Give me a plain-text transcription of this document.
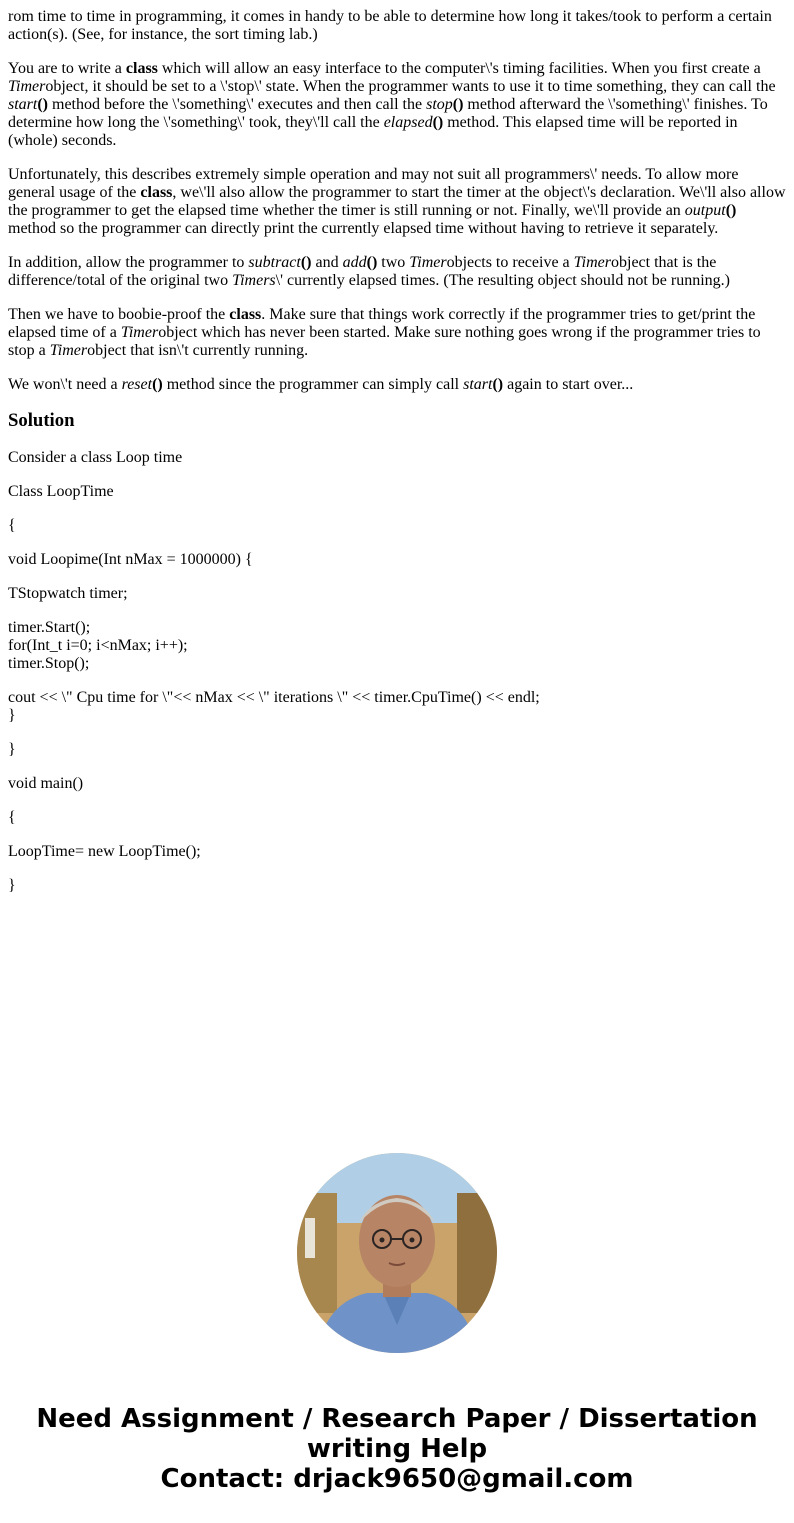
rom time to time in programming, it comes in handy to be able to determine how long it takes/took to perform a certain action(s). (See, for instance, the sort timing lab.)

You are to write a class which will allow an easy interface to the computer\'s timing facilities. When you first create a Timerobject, it should be set to a \'stop\' state. When the programmer wants to use it to time something, they can call the start() method before the \'something\' executes and then call the stop() method afterward the \'something\' finishes. To determine how long the \'something\' took, they\'ll call the elapsed() method. This elapsed time will be reported in (whole) seconds.

Unfortunately, this describes extremely simple operation and may not suit all programmers\' needs. To allow more general usage of the class, we\'ll also allow the programmer to start the timer at the object\'s declaration. We\'ll also allow the programmer to get the elapsed time whether the timer is still running or not. Finally, we\'ll provide an output() method so the programmer can directly print the currently elapsed time without having to retrieve it separately.

In addition, allow the programmer to subtract() and add() two Timerobjects to receive a Timerobject that is the difference/total of the original two Timers\' currently elapsed times. (The resulting object should not be running.)

Then we have to boobie-proof the class. Make sure that things work correctly if the programmer tries to get/print the elapsed time of a Timerobject which has never been started. Make sure nothing goes wrong if the programmer tries to stop a Timerobject that isn\'t currently running.

We won\'t need a reset() method since the programmer can simply call start() again to start over...

Solution
Consider a class Loop time
Class LoopTime
{
void Loopime(Int nMax = 1000000) {
TStopwatch timer;
timer.Start();
for(Int_t i=0; i<nMax; i++);
timer.Stop();
cout << \" Cpu time for \"<< nMax << \" iterations \" << timer.CpuTime() << endl;
}
}
void main()
{
LoopTime= new LoopTime();
}
Need Assignment / Research Paper / Dissertation
writing Help
Contact: drjack9650@gmail.com
